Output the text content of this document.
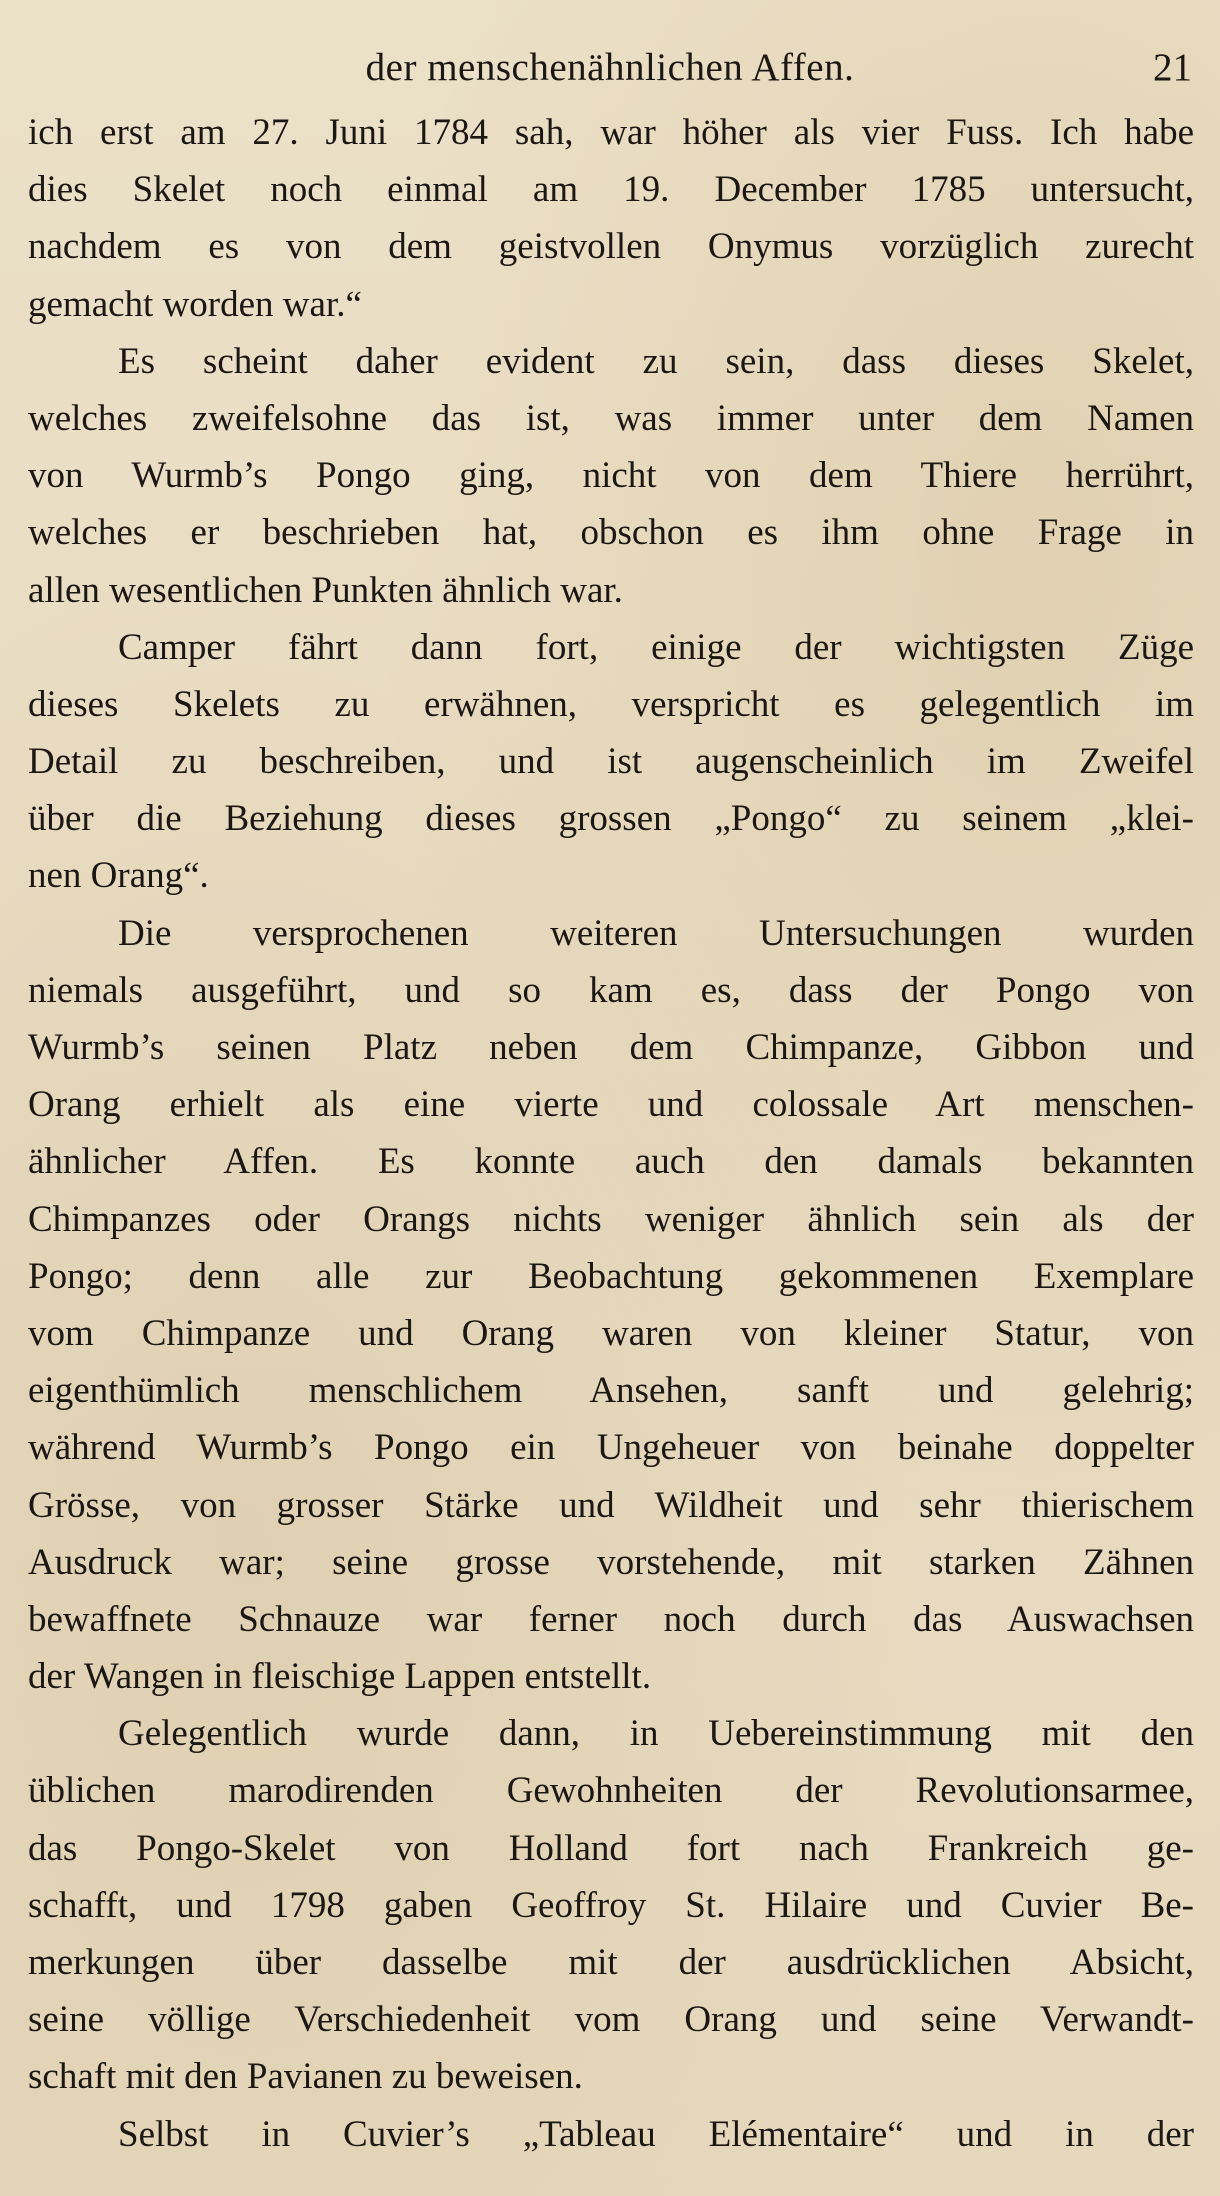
der menschenähnlichen Affen.	21
ich erst am 27. Juni 1784 sah, war höher als vier Fuss. Ich habe
dies Skelet noch einmal am 19. December 1785 untersucht,
nachdem es von dem geistvollen Onymus vorzüglich zurecht
gemacht worden war.“
Es scheint daher evident zu sein, dass dieses Skelet,
welches zweifelsohne das ist, was immer unter dem Namen
von Wurmb’s Pongo ging, nicht von dem Thiere herrührt,
welches er beschrieben hat, obschon es ihm ohne Frage in
allen wesentlichen Punkten ähnlich war.
Camper fährt dann fort, einige der wichtigsten Züge
dieses Skelets zu erwähnen, verspricht es gelegentlich im
Detail zu beschreiben, und ist augenscheinlich im Zweifel
über die Beziehung dieses grossen „Pongo“ zu seinem „klei-
nen Orang“.
Die versprochenen weiteren Untersuchungen wurden
niemals ausgeführt, und so kam es, dass der Pongo von
Wurmb’s seinen Platz neben dem Chimpanze, Gibbon und
Orang erhielt als eine vierte und colossale Art menschen-
ähnlicher Affen. Es konnte auch den damals bekannten
Chimpanzes oder Orangs nichts weniger ähnlich sein als der
Pongo; denn alle zur Beobachtung gekommenen Exemplare
vom Chimpanze und Orang waren von kleiner Statur, von
eigenthümlich menschlichem Ansehen, sanft und gelehrig;
während Wurmb’s Pongo ein Ungeheuer von beinahe doppelter
Grösse, von grosser Stärke und Wildheit und sehr thierischem
Ausdruck war; seine grosse vorstehende, mit starken Zähnen
bewaffnete Schnauze war ferner noch durch das Auswachsen
der Wangen in fleischige Lappen entstellt.
Gelegentlich wurde dann, in Uebereinstimmung mit den
üblichen marodirenden Gewohnheiten der Revolutionsarmee,
das Pongo-Skelet von Holland fort nach Frankreich ge-
schafft, und 1798 gaben Geoffroy St. Hilaire und Cuvier Be-
merkungen über dasselbe mit der ausdrücklichen Absicht,
seine völlige Verschiedenheit vom Orang und seine Verwandt-
schaft mit den Pavianen zu beweisen.
Selbst in Cuvier’s „Tableau Elémentaire“ und in der
